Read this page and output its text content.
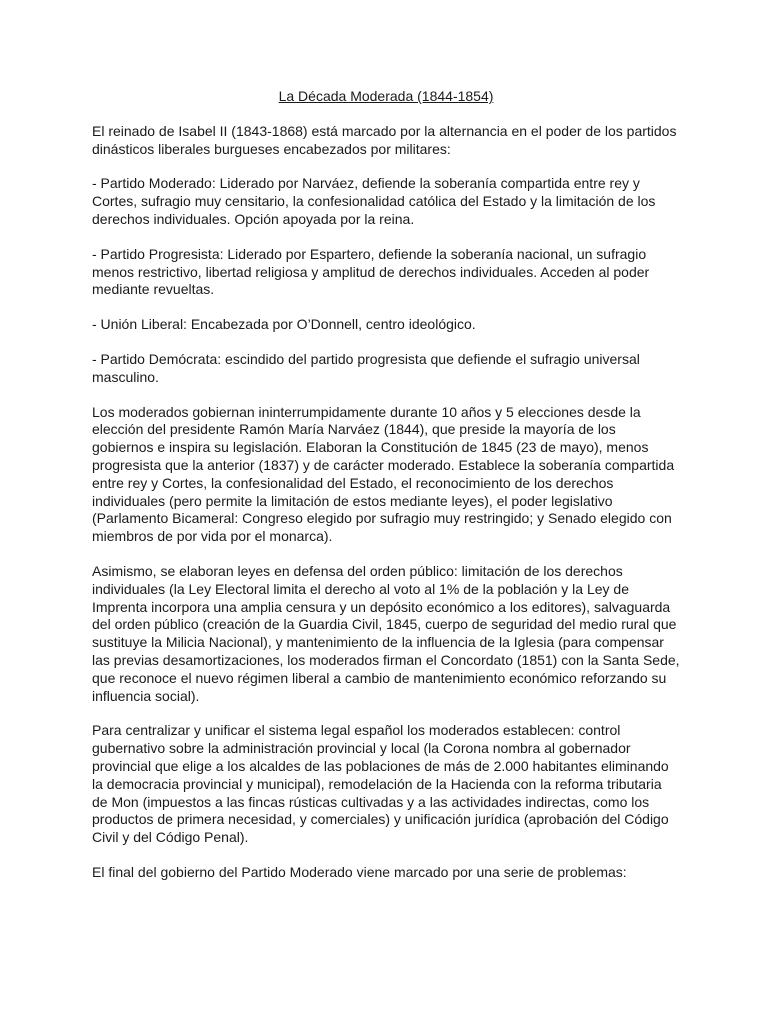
La Década Moderada (1844-1854)

El reinado de Isabel II (1843-1868) está marcado por la alternancia en el poder de los partidos dinásticos liberales burgueses encabezados por militares:

- Partido Moderado: Liderado por Narváez, defiende la soberanía compartida entre rey y Cortes, sufragio muy censitario, la confesionalidad católica del Estado y la limitación de los derechos individuales. Opción apoyada por la reina.

- Partido Progresista: Liderado por Espartero, defiende la soberanía nacional, un sufragio menos restrictivo, libertad religiosa y amplitud de derechos individuales. Acceden al poder mediante revueltas.

- Unión Liberal: Encabezada por O’Donnell, centro ideológico.

- Partido Demócrata: escindido del partido progresista que defiende el sufragio universal masculino.

Los moderados gobiernan ininterrumpidamente durante 10 años y 5 elecciones desde la elección del presidente Ramón María Narváez (1844), que preside la mayoría de los gobiernos e inspira su legislación. Elaboran la Constitución de 1845 (23 de mayo), menos progresista que la anterior (1837) y de carácter moderado. Establece la soberanía compartida entre rey y Cortes, la confesionalidad del Estado, el reconocimiento de los derechos individuales (pero permite la limitación de estos mediante leyes), el poder legislativo (Parlamento Bicameral: Congreso elegido por sufragio muy restringido; y Senado elegido con miembros de por vida por el monarca).

Asimismo, se elaboran leyes en defensa del orden público: limitación de los derechos individuales (la Ley Electoral limita el derecho al voto al 1% de la población y la Ley de Imprenta incorpora una amplia censura y un depósito económico a los editores), salvaguarda del orden público (creación de la Guardia Civil, 1845, cuerpo de seguridad del medio rural que sustituye la Milicia Nacional), y mantenimiento de la influencia de la Iglesia (para compensar las previas desamortizaciones, los moderados firman el Concordato (1851) con la Santa Sede, que reconoce el nuevo régimen liberal a cambio de mantenimiento económico reforzando su influencia social).

Para centralizar y unificar el sistema legal español los moderados establecen: control gubernativo sobre la administración provincial y local (la Corona nombra al gobernador provincial que elige a los alcaldes de las poblaciones de más de 2.000 habitantes eliminando la democracia provincial y municipal), remodelación de la Hacienda con la reforma tributaria de Mon (impuestos a las fincas rústicas cultivadas y a las actividades indirectas, como los productos de primera necesidad, y comerciales) y unificación jurídica (aprobación del Código Civil y del Código Penal).

El final del gobierno del Partido Moderado viene marcado por una serie de problemas:
